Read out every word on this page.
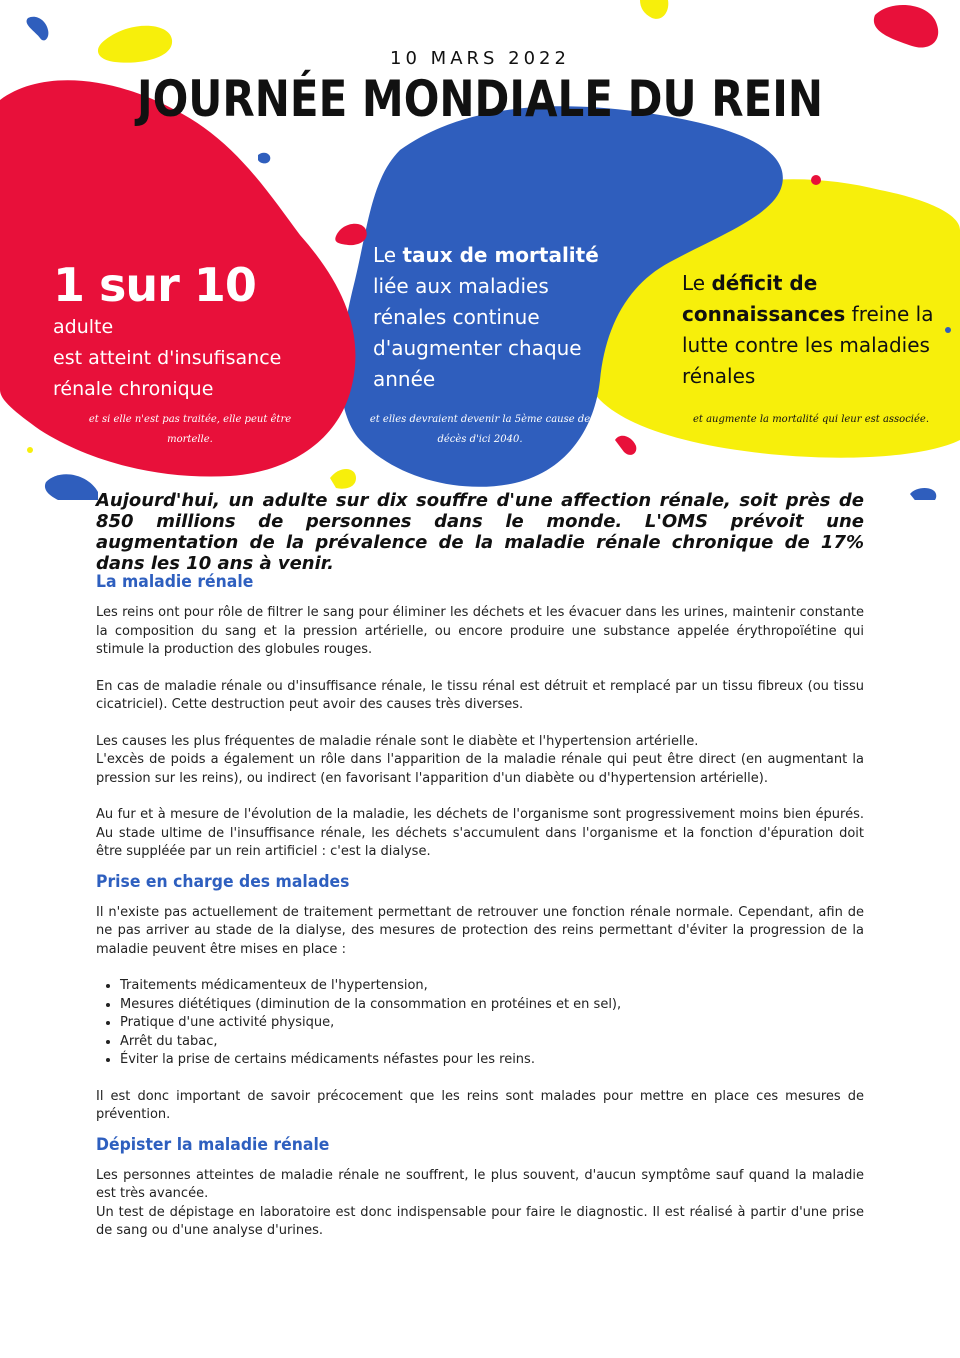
10 MARS 2022

JOURNÉE MONDIALE DU REIN

1 sur 10 adulte

est atteint d'insufisance rénale chronique

et si elle n'est pas traitée, elle peut être mortelle.

Le taux de mortalité

liée aux maladies rénales continue d'augmenter chaque année

et elles devraient devenir la 5ème cause de décès d'ici 2040.

Le déficit de connaissances freine la lutte contre les maladies rénales

et augmente la mortalité qui leur est associée.

Aujourd'hui, un adulte sur dix souffre d'une affection rénale, soit près de 850 millions de personnes dans le monde. L'OMS prévoit une augmentation de la prévalence de la maladie rénale chronique de 17% dans les 10 ans à venir.

La maladie rénale

Les reins ont pour rôle de filtrer le sang pour éliminer les déchets et les évacuer dans les urines, maintenir constante la composition du sang et la pression artérielle, ou encore produire une substance appelée érythropoïétine qui stimule la production des globules rouges.

En cas de maladie rénale ou d'insuffisance rénale, le tissu rénal est détruit et remplacé par un tissu fibreux (ou tissu cicatriciel). Cette destruction peut avoir des causes très diverses.

Les causes les plus fréquentes de maladie rénale sont le diabète et l'hypertension artérielle.

L'excès de poids a également un rôle dans l'apparition de la maladie rénale qui peut être direct (en augmentant la pression sur les reins), ou indirect (en favorisant l'apparition d'un diabète ou d'hypertension artérielle).

Au fur et à mesure de l'évolution de la maladie, les déchets de l'organisme sont progressivement moins bien épurés. Au stade ultime de l'insuffisance rénale, les déchets s'accumulent dans l'organisme et la fonction d'épuration doit être suppléée par un rein artificiel : c'est la dialyse.

Prise en charge des malades

Il n'existe pas actuellement de traitement permettant de retrouver une fonction rénale normale. Cependant, afin de ne pas arriver au stade de la dialyse, des mesures de protection des reins permettant d'éviter la progression de la maladie peuvent être mises en place :

• Traitements médicamenteux de l'hypertension,
• Mesures diététiques (diminution de la consommation en protéines et en sel),
• Pratique d'une activité physique,
• Arrêt du tabac,
• Éviter la prise de certains médicaments néfastes pour les reins.

Il est donc important de savoir précocement que les reins sont malades pour mettre en place ces mesures de prévention.

Dépister la maladie rénale

Les personnes atteintes de maladie rénale ne souffrent, le plus souvent, d'aucun symptôme sauf quand la maladie est très avancée.

Un test de dépistage en laboratoire est donc indispensable pour faire le diagnostic. Il est réalisé à partir d'une prise de sang ou d'une analyse d'urines.
